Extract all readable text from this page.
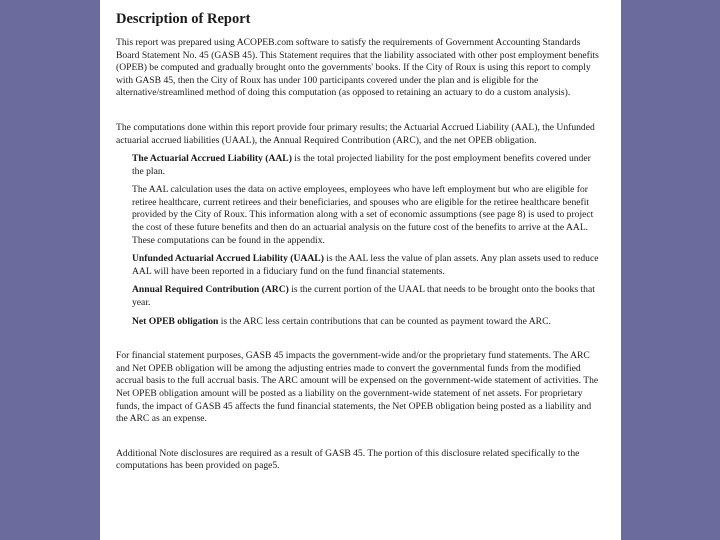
Description of Report

This report was prepared using ACOPEB.com software to satisfy the requirements of Government Accounting Standards Board Statement No. 45 (GASB 45). This Statement requires that the liability associated with other post employment benefits (OPEB) be computed and gradually brought onto the governments' books. If the City of Roux is using this report to comply with GASB 45, then the City of Roux has under 100 participants covered under the plan and is eligible for the alternative/streamlined method of doing this computation (as opposed to retaining an actuary to do a custom analysis).

The computations done within this report provide four primary results; the Actuarial Accrued Liability (AAL), the Unfunded actuarial accrued liabilities (UAAL), the Annual Required Contribution (ARC), and the net OPEB obligation.

The Actuarial Accrued Liability (AAL) is the total projected liability for the post employment benefits covered under the plan.

The AAL calculation uses the data on active employees, employees who have left employment but who are eligible for retiree healthcare, current retirees and their beneficiaries, and spouses who are eligible for the retiree healthcare benefit provided by the City of Roux. This information along with a set of economic assumptions (see page 8) is used to project the cost of these future benefits and then do an actuarial analysis on the future cost of the benefits to arrive at the AAL. These computations can be found in the appendix.

Unfunded Actuarial Accrued Liability (UAAL) is the AAL less the value of plan assets. Any plan assets used to reduce AAL will have been reported in a fiduciary fund on the fund financial statements.

Annual Required Contribution (ARC) is the current portion of the UAAL that needs to be brought onto the books that year.

Net OPEB obligation is the ARC less certain contributions that can be counted as payment toward the ARC.

For financial statement purposes, GASB 45 impacts the government-wide and/or the proprietary fund statements. The ARC and Net OPEB obligation will be among the adjusting entries made to convert the governmental funds from the modified accrual basis to the full accrual basis. The ARC amount will be expensed on the government-wide statement of activities. The Net OPEB obligation amount will be posted as a liability on the government-wide statement of net assets. For proprietary funds, the impact of GASB 45 affects the fund financial statements, the Net OPEB obligation being posted as a liability and the ARC as an expense.

Additional Note disclosures are required as a result of GASB 45. The portion of this disclosure related specifically to the computations has been provided on page5.
